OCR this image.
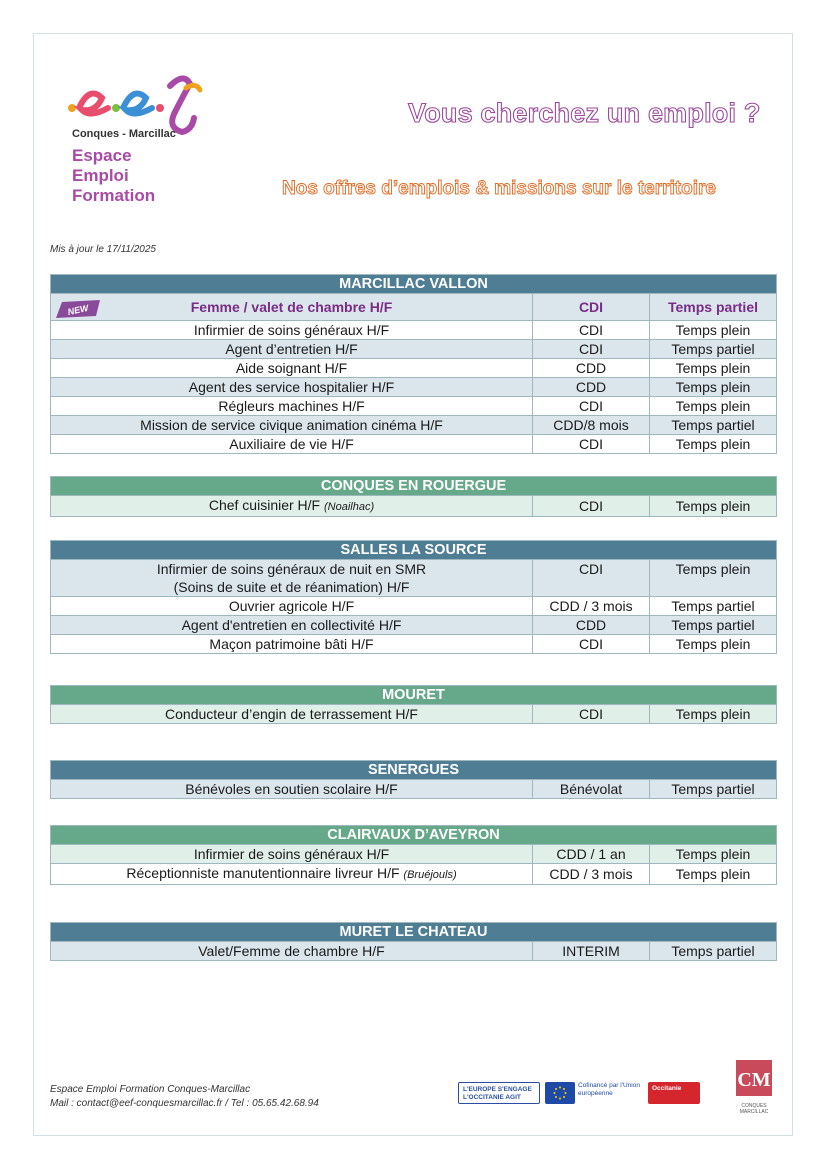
Conques - Marcillac
Espace
Emploi
Formation
Vous cherchez un emploi ?
Nos offres d’emplois & missions sur le territoire
Mis à jour le 17/11/2025
MARCILLAC VALLON		
Femme / valet de chambre H/F	CDI	Temps partiel
Infirmier de soins généraux H/F	CDI	Temps plein
Agent d’entretien H/F	CDI	Temps partiel
Aide soignant H/F	CDD	Temps plein
Agent des service hospitalier H/F	CDD	Temps plein
Régleurs machines H/F	CDI	Temps plein
Mission de service civique animation cinéma H/F	CDD/8 mois	Temps partiel
Auxiliaire de vie H/F	CDI	Temps plein
NEW
CONQUES EN ROUERGUE
Chef cuisinier H/F (Noailhac)	CDI	Temps plein
SALLES LA SOURCE		
Infirmier de soins généraux de nuit en SMR
(Soins de suite et de réanimation) H/F	CDI	Temps plein
Ouvrier agricole H/F	CDD / 3 mois	Temps partiel
Agent d'entretien en collectivité H/F	CDD	Temps partiel
Maçon patrimoine bâti H/F	CDI	Temps plein
MOURET
Conducteur d’engin de terrassement H/F	CDI	Temps plein
SENERGUES
Bénévoles en soutien scolaire H/F	Bénévolat	Temps partiel
CLAIRVAUX D’AVEYRON		
Infirmier de soins généraux H/F	CDD / 1 an	Temps plein
Réceptionniste manutentionnaire livreur H/F (Bruéjouls)	CDD / 3 mois	Temps plein
MURET LE CHATEAU
Valet/Femme de chambre H/F	INTERIM	Temps partiel
Espace Emploi Formation Conques-Marcillac
Mail : contact@eef-conquesmarcillac.fr / Tel : 05.65.42.68.94
L'EUROPE S'ENGAGE L'OCCITANIE AGIT
Cofinancé par l'Union européenne
Occitanie	CM
CONQUES MARCILLAC
